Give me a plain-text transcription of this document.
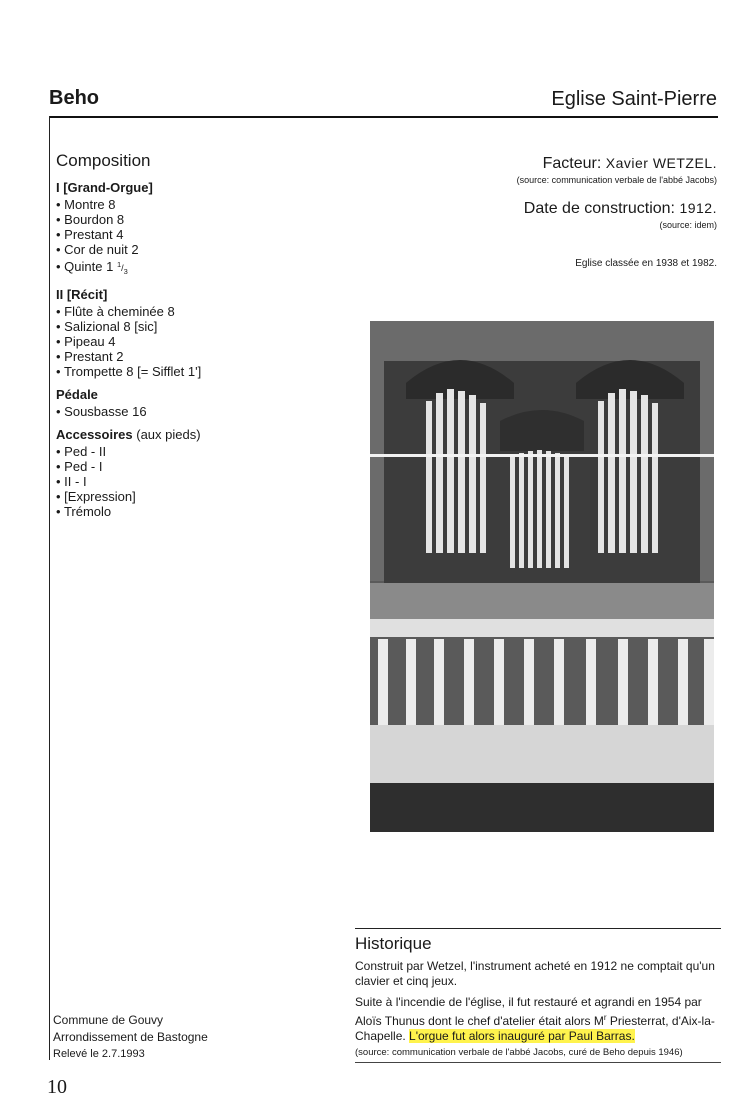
Beho	Eglise Saint-Pierre
Composition
I [Grand-Orgue]
• Montre 8
• Bourdon 8
• Prestant 4
• Cor de nuit 2
• Quinte 1 $^1/_3$
II [Récit]
• Flûte à cheminée 8
• Salizional 8 [sic]
• Pipeau 4
• Prestant 2
• Trompette 8 [= Sifflet 1']
Pédale
• Sousbasse 16
Accessoires (aux pieds)
• Ped - II
• Ped - I
• II - I
• [Expression]
• Trémolo
Facteur: Xavier WETZEL.
(source: communication verbale de l'abbé Jacobs)
Date de construction: 1912.
(source: idem)
Eglise classée en 1938 et 1982.
Historique

Construit par Wetzel, l'instrument acheté en 1912 ne comptait qu'un clavier et cinq jeux.

Suite à l'incendie de l'église, il fut restauré et agrandi en 1954 par Aloïs Thunus dont le chef d'atelier était alors $M^r$ Priesterrat, d'Aix-la-Chapelle. L'orgue fut alors inauguré par Paul Barras.
(source: communication verbale de l'abbé Jacobs, curé de Beho depuis 1946)

Commune de Gouvy
Arrondissement de Bastogne
Relevé le 2.7.1993
10
